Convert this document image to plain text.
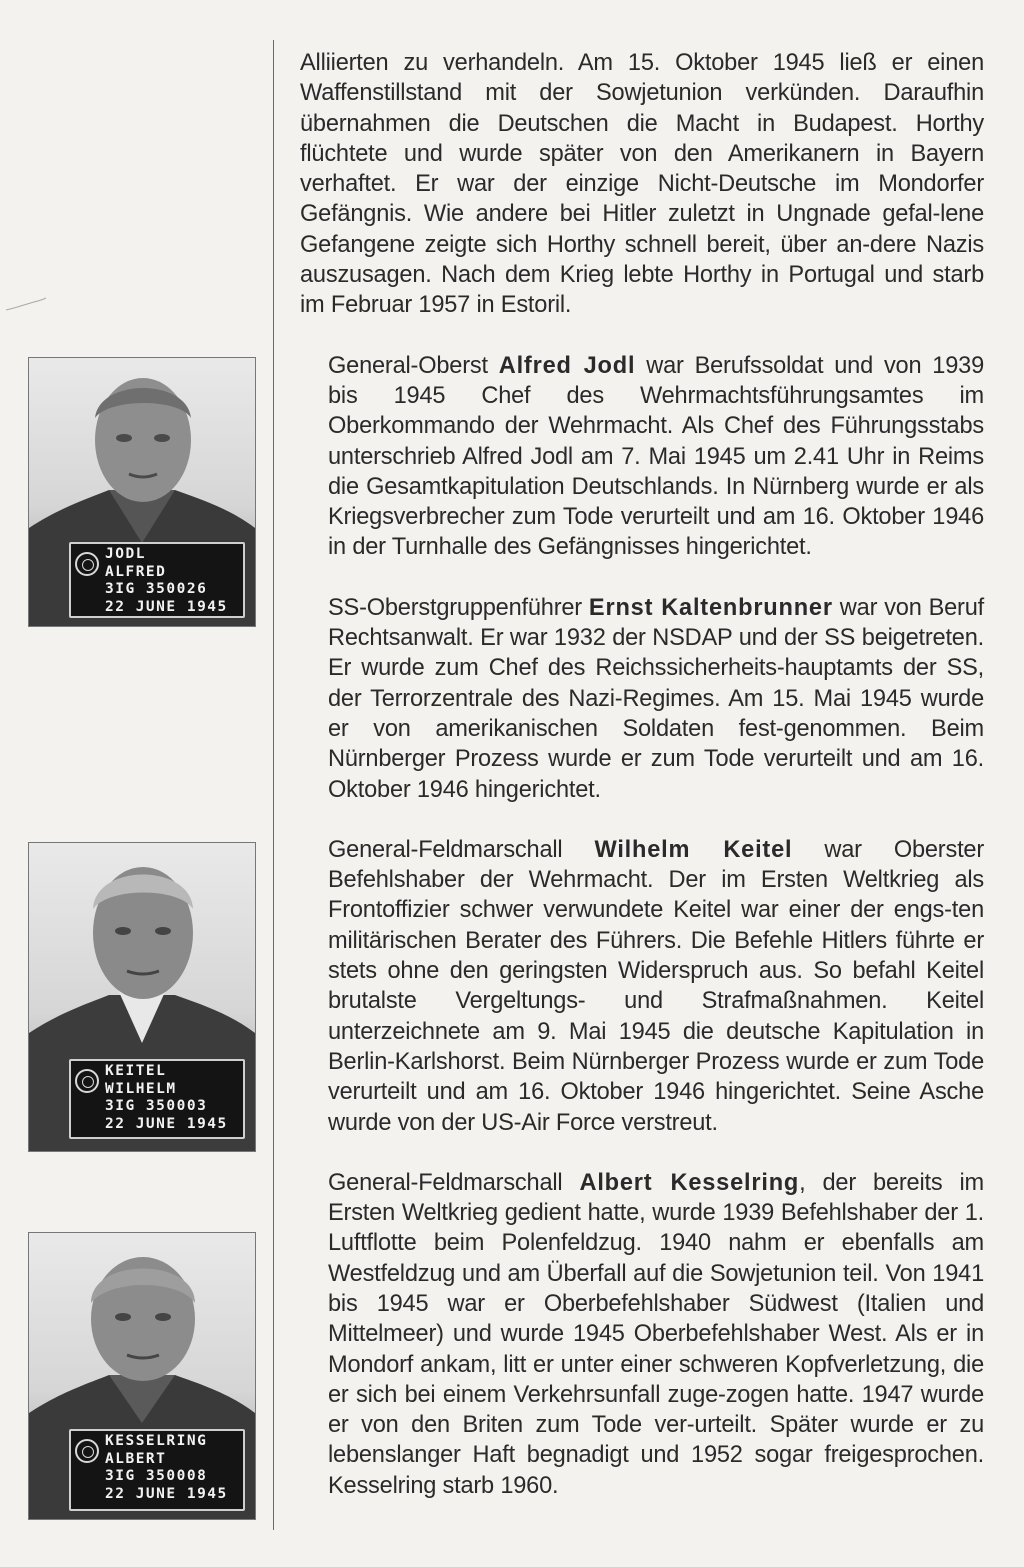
JODL
ALFRED
3IG 350026
22 JUNE 1945
KEITEL
WILHELM
3IG 350003
22 JUNE 1945
KESSELRING
ALBERT
3IG 350008
22 JUNE 1945

Alliierten zu verhandeln. Am 15. Oktober 1945 ließ er einen Waffenstillstand mit der Sowjetunion verkünden. Daraufhin übernahmen die Deutschen die Macht in Budapest. Horthy flüchtete und wurde später von den Amerikanern in Bayern verhaftet. Er war der einzige Nicht-Deutsche im Mondorfer Gefängnis. Wie andere bei Hitler zuletzt in Ungnade gefal-lene Gefangene zeigte sich Horthy schnell bereit, über an-dere Nazis auszusagen. Nach dem Krieg lebte Horthy in Portugal und starb im Februar 1957 in Estoril.

General-Oberst Alfred Jodl war Berufssoldat und von 1939 bis 1945 Chef des Wehrmachtsführungsamtes im Oberkommando der Wehrmacht. Als Chef des Führungsstabs unterschrieb Alfred Jodl am 7. Mai 1945 um 2.41 Uhr in Reims die Gesamtkapitulation Deutschlands. In Nürnberg wurde er als Kriegsverbrecher zum Tode verurteilt und am 16. Oktober 1946 in der Turnhalle des Gefängnisses hingerichtet.

SS-Oberstgruppenführer Ernst Kaltenbrunner war von Beruf Rechtsanwalt. Er war 1932 der NSDAP und der SS beigetreten. Er wurde zum Chef des Reichssicherheits-hauptamts der SS, der Terrorzentrale des Nazi-Regimes. Am 15. Mai 1945 wurde er von amerikanischen Soldaten fest-genommen. Beim Nürnberger Prozess wurde er zum Tode verurteilt und am 16. Oktober 1946 hingerichtet.

General-Feldmarschall Wilhelm Keitel war Oberster Befehlshaber der Wehrmacht. Der im Ersten Weltkrieg als Frontoffizier schwer verwundete Keitel war einer der engs-ten militärischen Berater des Führers. Die Befehle Hitlers führte er stets ohne den geringsten Widerspruch aus. So befahl Keitel brutalste Vergeltungs- und Strafmaßnahmen. Keitel unterzeichnete am 9. Mai 1945 die deutsche Kapitulation in Berlin-Karlshorst. Beim Nürnberger Prozess wurde er zum Tode verurteilt und am 16. Oktober 1946 hingerichtet. Seine Asche wurde von der US-Air Force verstreut.

General-Feldmarschall Albert Kesselring, der bereits im Ersten Weltkrieg gedient hatte, wurde 1939 Befehlshaber der 1. Luftflotte beim Polenfeldzug. 1940 nahm er ebenfalls am Westfeldzug und am Überfall auf die Sowjetunion teil. Von 1941 bis 1945 war er Oberbefehlshaber Südwest (Italien und Mittelmeer) und wurde 1945 Oberbefehlshaber West. Als er in Mondorf ankam, litt er unter einer schweren Kopfverletzung, die er sich bei einem Verkehrsunfall zuge-zogen hatte. 1947 wurde er von den Briten zum Tode ver-urteilt. Später wurde er zu lebenslanger Haft begnadigt und 1952 sogar freigesprochen. Kesselring starb 1960.
